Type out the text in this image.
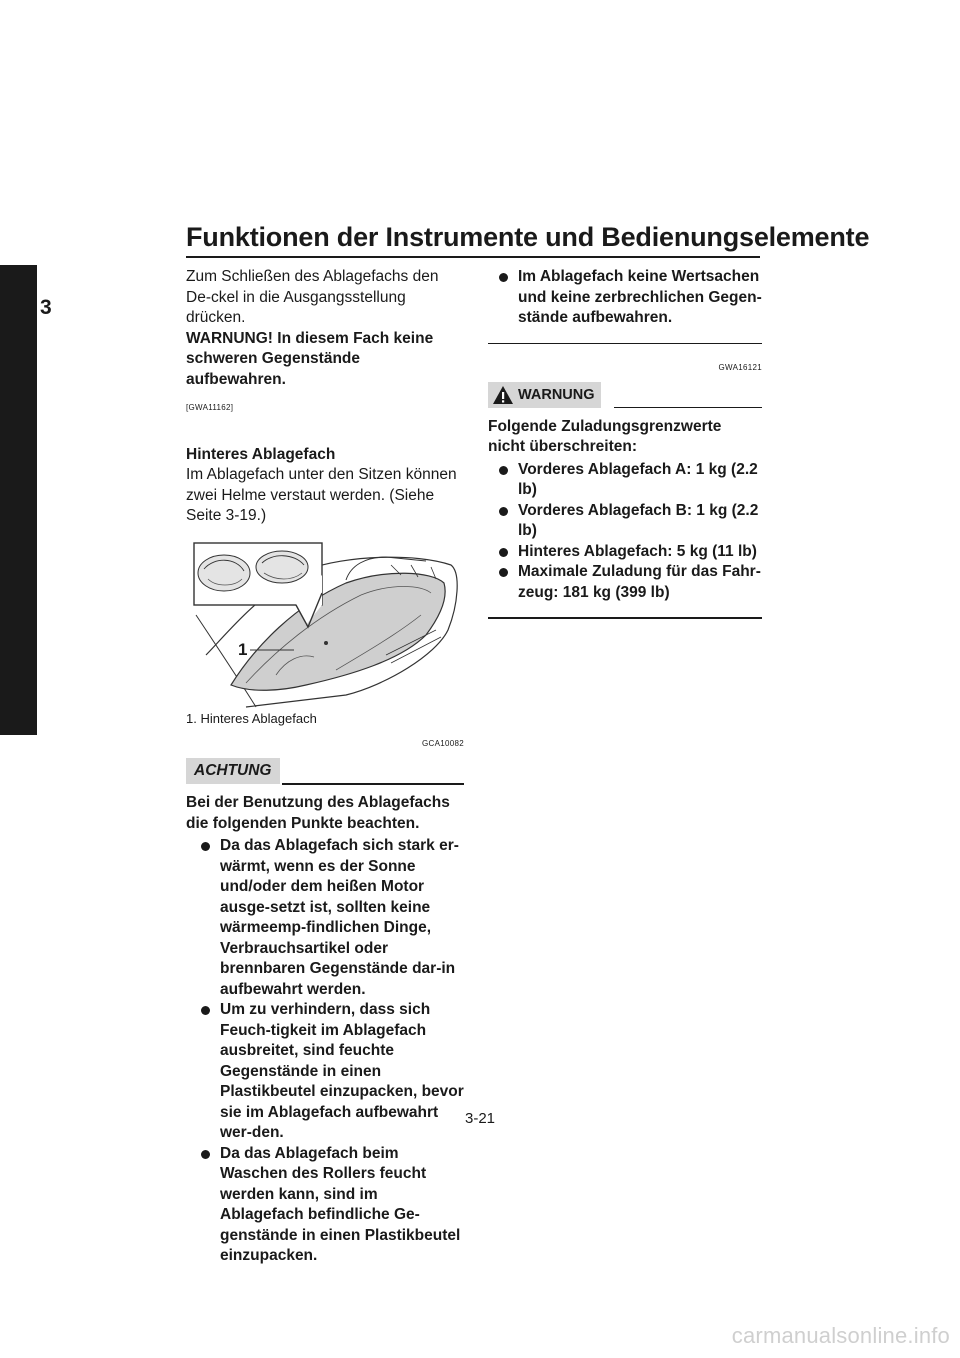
Funktionen der Instrumente und Bedienungselemente
3

Zum Schließen des Ablagefachs den De-ckel in die Ausgangsstellung drücken.

WARNUNG! In diesem Fach keine schweren Gegenstände aufbewahren.

[GWA11162]

Hinteres Ablagefach

Im Ablagefach unter den Sitzen können zwei Helme verstaut werden. (Siehe Seite 3-19.)

1

1. Hinteres Ablagefach

GCA10082

ACHTUNG

Bei der Benutzung des Ablagefachs die folgenden Punkte beachten.

Da das Ablagefach sich stark er-wärmt, wenn es der Sonne und/oder dem heißen Motor ausge-setzt ist, sollten keine wärmeemp-findlichen Dinge, Verbrauchsartikel oder brennbaren Gegenstände dar-in aufbewahrt werden.
Um zu verhindern, dass sich Feuch-tigkeit im Ablagefach ausbreitet, sind feuchte Gegenstände in einen Plastikbeutel einzupacken, bevor sie im Ablagefach aufbewahrt wer-den.
Da das Ablagefach beim Waschen des Rollers feucht werden kann, sind im Ablagefach befindliche Ge-genstände in einen Plastikbeutel einzupacken.
Im Ablagefach keine Wertsachen und keine zerbrechlichen Gegen-stände aufbewahren.

GWA16121

WARNUNG

Folgende Zuladungsgrenzwerte nicht überschreiten:

Vorderes Ablagefach A: 1 kg (2.2 lb)
Vorderes Ablagefach B: 1 kg (2.2 lb)
Hinteres Ablagefach: 5 kg (11 lb)
Maximale Zuladung für das Fahr-zeug: 181 kg (399 lb)
3-21
carmanualsonline.info
